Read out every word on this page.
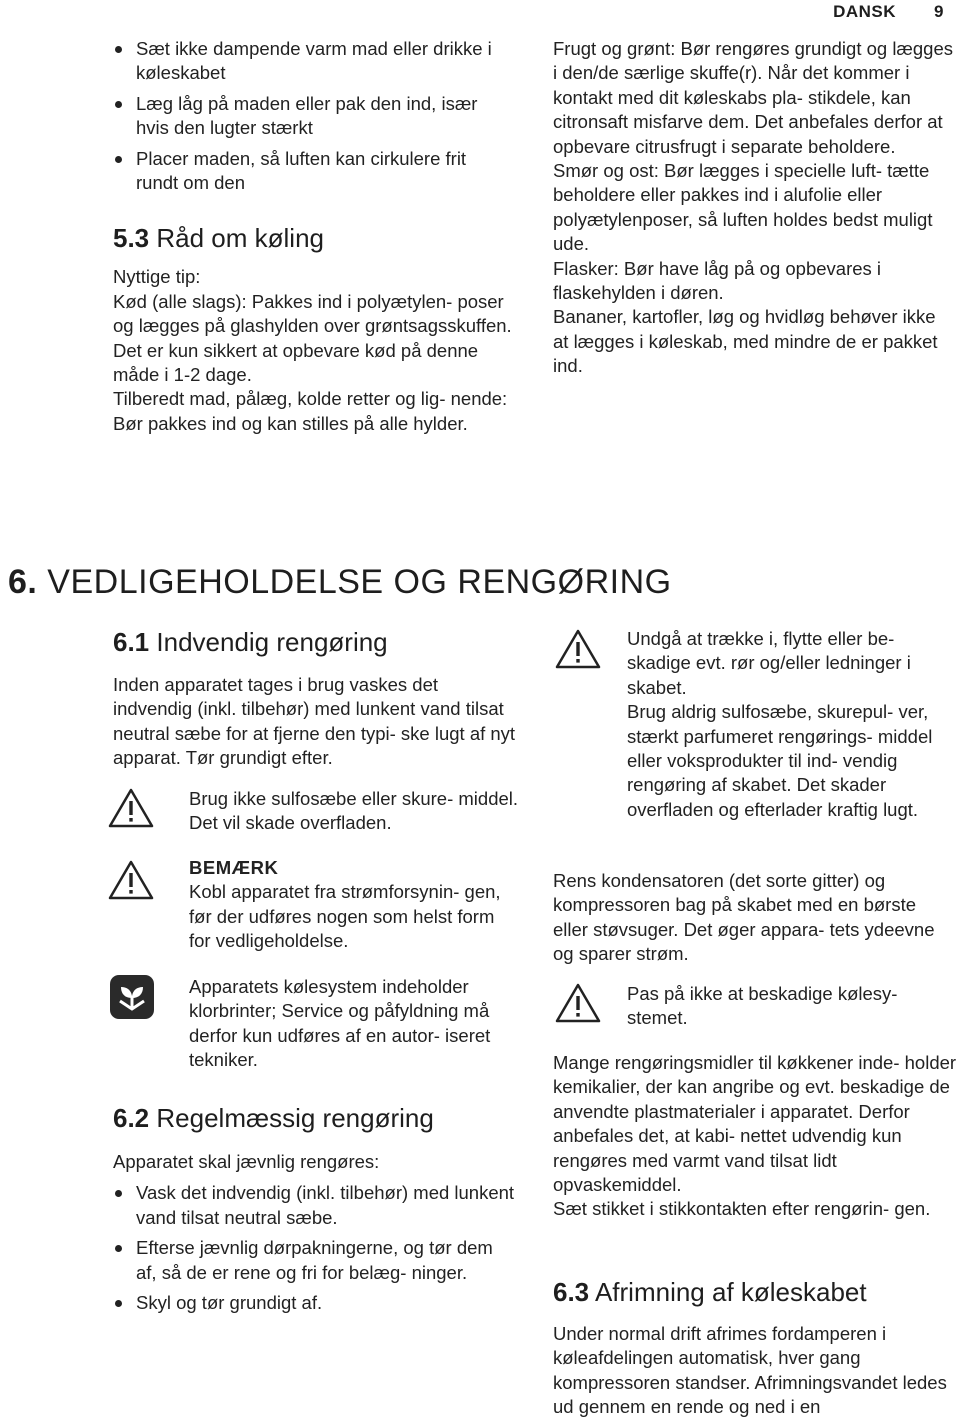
DANSK 9
Sæt ikke dampende varm mad eller drikke i køleskabet
Læg låg på maden eller pak den ind, især hvis den lugter stærkt
Placer maden, så luften kan cirkulere frit rundt om den
5.3 Råd om køling

Nyttige tip:

Kød (alle slags): Pakkes ind i polyætylen- poser og lægges på glashylden over grøntsagsskuffen.

Det er kun sikkert at opbevare kød på denne måde i 1-2 dage.

Tilberedt mad, pålæg, kolde retter og lig- nende: Bør pakkes ind og kan stilles på alle hylder.

Frugt og grønt: Bør rengøres grundigt og lægges i den/de særlige skuffe(r). Når det kommer i kontakt med dit køleskabs pla- stikdele, kan citronsaft misfarve dem. Det anbefales derfor at opbevare citrusfrugt i separate beholdere.

Smør og ost: Bør lægges i specielle luft- tætte beholdere eller pakkes ind i alufolie eller polyætylenposer, så luften holdes bedst muligt ude.

Flasker: Bør have låg på og opbevares i flaskehylden i døren.

Bananer, kartofler, løg og hvidløg behøver ikke at lægges i køleskab, med mindre de er pakket ind.

6. VEDLIGEHOLDELSE OG RENGØRING
6.1 Indvendig rengøring
Inden apparatet tages i brug vaskes det indvendig (inkl. tilbehør) med lunkent vand tilsat neutral sæbe for at fjerne den typi- ske lugt af nyt apparat. Tør grundigt efter.
Brug ikke sulfosæbe eller skure- middel. Det vil skade overfladen.
BEMÆRK
Kobl apparatet fra strømforsynin- gen, før der udføres nogen som helst form for vedligeholdelse.
Apparatets kølesystem indeholder klorbrinter; Service og påfyldning må derfor kun udføres af en autor- iseret tekniker.
6.2 Regelmæssig rengøring

Apparatet skal jævnlig rengøres:

Vask det indvendig (inkl. tilbehør) med lunkent vand tilsat neutral sæbe.
Efterse jævnlig dørpakningerne, og tør dem af, så de er rene og fri for belæg- ninger.
Skyl og tør grundigt af.

Undgå at trække i, flytte eller be- skadige evt. rør og/eller ledninger i skabet.

Brug aldrig sulfosæbe, skurepul- ver, stærkt parfumeret rengørings- middel eller voksprodukter til ind- vendig rengøring af skabet. Det skader overfladen og efterlader kraftig lugt.

Rens kondensatoren (det sorte gitter) og kompressoren bag på skabet med en børste eller støvsuger. Det øger appara- tets ydeevne og sparer strøm.
Pas på ikke at beskadige kølesy- stemet.

Mange rengøringsmidler til køkkener inde- holder kemikalier, der kan angribe og evt. beskadige de anvendte plastmaterialer i apparatet. Derfor anbefales det, at kabi- nettet udvendig kun rengøres med varmt vand tilsat lidt opvaskemiddel.

Sæt stikket i stikkontakten efter rengørin- gen.

6.3 Afrimning af køleskabet
Under normal drift afrimes fordamperen i køleafdelingen automatisk, hver gang kompressoren standser. Afrimningsvandet ledes ud gennem en rende og ned i en
